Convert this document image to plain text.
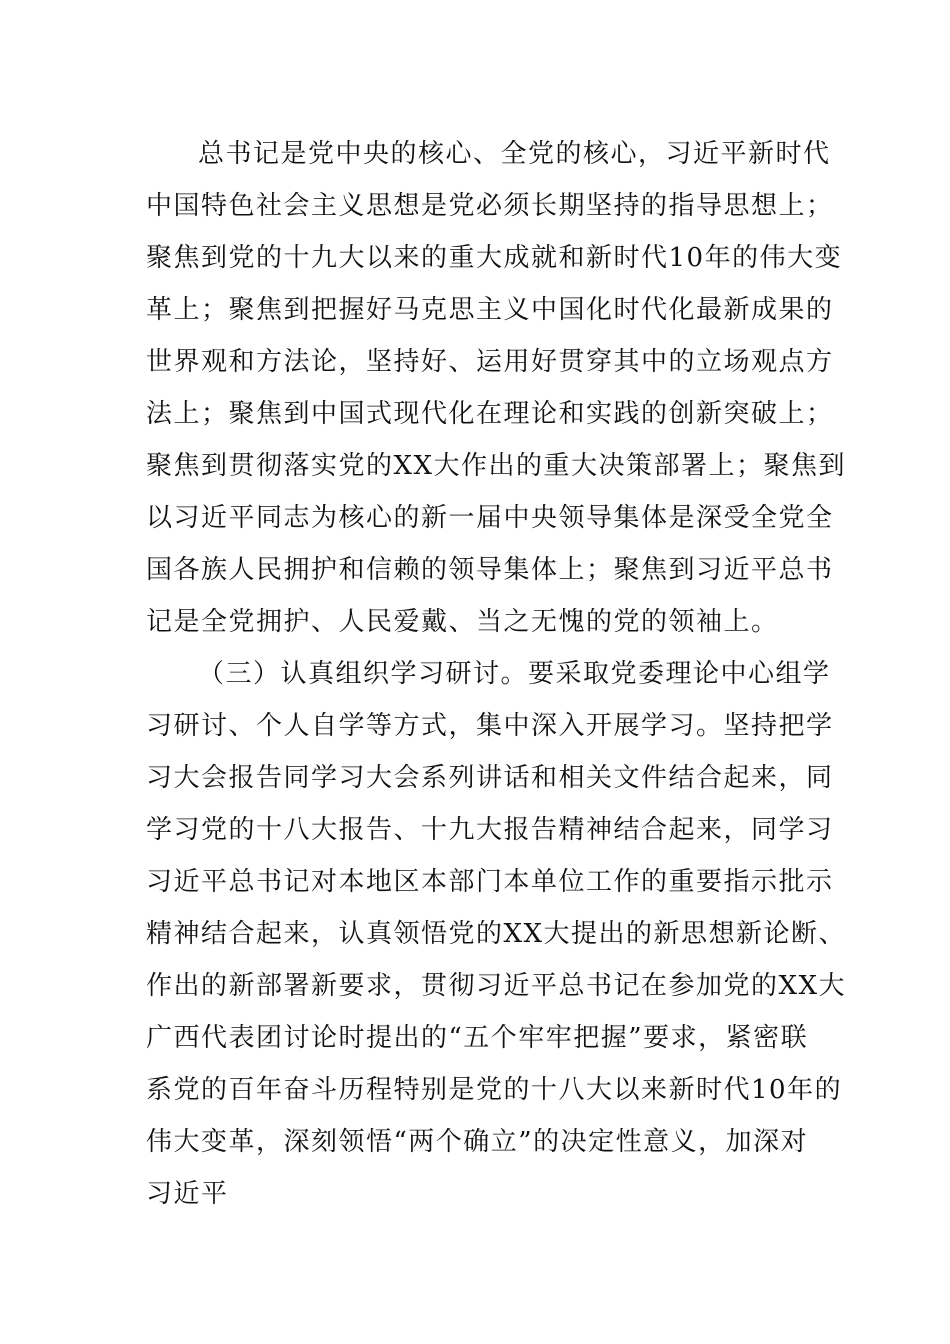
总书记是党中央的核心、全党的核心，习近平新时代
中国特色社会主义思想是党必须长期坚持的指导思想上；
聚焦到党的十九大以来的重大成就和新时代10年的伟大变
革上；聚焦到把握好马克思主义中国化时代化最新成果的
世界观和方法论，坚持好、运用好贯穿其中的立场观点方
法上；聚焦到中国式现代化在理论和实践的创新突破上；
聚焦到贯彻落实党的XX大作出的重大决策部署上；聚焦到
以习近平同志为核心的新一届中央领导集体是深受全党全
国各族人民拥护和信赖的领导集体上；聚焦到习近平总书
记是全党拥护、人民爱戴、当之无愧的党的领袖上。
（三）认真组织学习研讨。要采取党委理论中心组学
习研讨、个人自学等方式，集中深入开展学习。坚持把学
习大会报告同学习大会系列讲话和相关文件结合起来，同
学习党的十八大报告、十九大报告精神结合起来，同学习
习近平总书记对本地区本部门本单位工作的重要指示批示
精神结合起来，认真领悟党的XX大提出的新思想新论断、
作出的新部署新要求，贯彻习近平总书记在参加党的XX大
广西代表团讨论时提出的“五个牢牢把握”要求，紧密联
系党的百年奋斗历程特别是党的十八大以来新时代10年的
伟大变革，深刻领悟“两个确立”的决定性意义，加深对
习近平
